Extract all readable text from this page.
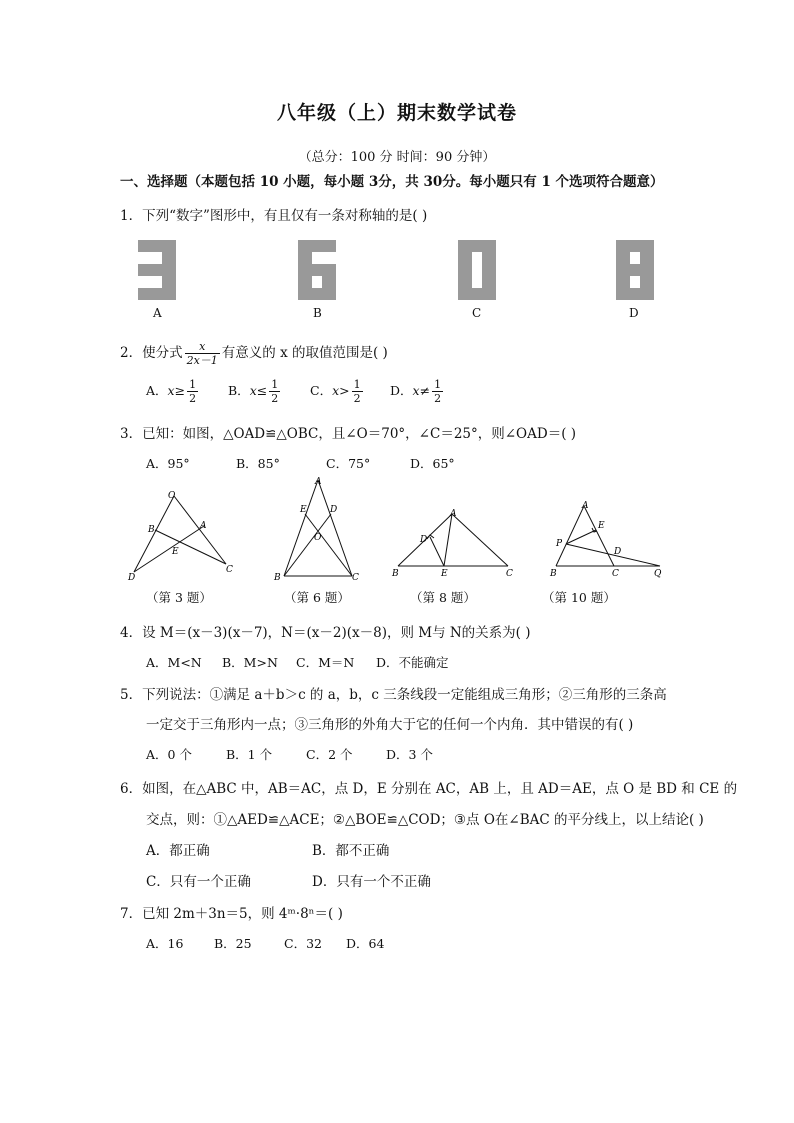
八年级（上）期末数学试卷
（总分：100 分 时间：90 分钟）
一、选择题（本题包括 10 小题，每小题 3分，共 30分。每小题只有 1 个选项符合题意）
1．下列“数字”图形中，有且仅有一条对称轴的是( )
A	B	C	D
2．使分式 $\frac{x}{2x-1}$ 有意义的 x 的取值范围是( )
A．$x\ge \frac{1}{2}$ B．$x\le \frac{1}{2}$ C．$x> \frac{1}{2}$ D．$x\ne \frac{1}{2}$
3．已知：如图，△OAD≌△OBC，且∠O＝70°，∠C＝25°，则∠OAD＝( )
A．95°	B．85°	C．75°	D．65°
O
B	A
E
D
C
A
E	D
O
B	C
A
D
B	E	C
A
E
P
D
B	C	Q
（第 3 题）	（第 6 题）	（第 8 题）	（第 10 题）
4．设 M＝(x－3)(x－7)，N＝(x－2)(x－8)，则 M与 N的关系为( )
A．M<N B．M>N C．M＝N D．不能确定
5．下列说法：①满足 a＋b＞c 的 a，b，c 三条线段一定能组成三角形；②三角形的三条高
一定交于三角形内一点；③三角形的外角大于它的任何一个内角．其中错误的有( )
A．0 个	B．1 个	C．2 个	D．3 个
6．如图，在△ABC 中，AB＝AC，点 D，E 分别在 AC，AB 上，且 AD＝AE，点 O 是 BD 和 CE 的
交点，则：①△AED≌△ACE；②△BOE≌△COD；③点 O在∠BAC 的平分线上，以上结论( )
A．都正确	B．都不正确
C．只有一个正确	D．只有一个不正确
7．已知 2m＋3n＝5，则 4ᵐ·8ⁿ＝( )
A．16 B．25	C．32 D．64
